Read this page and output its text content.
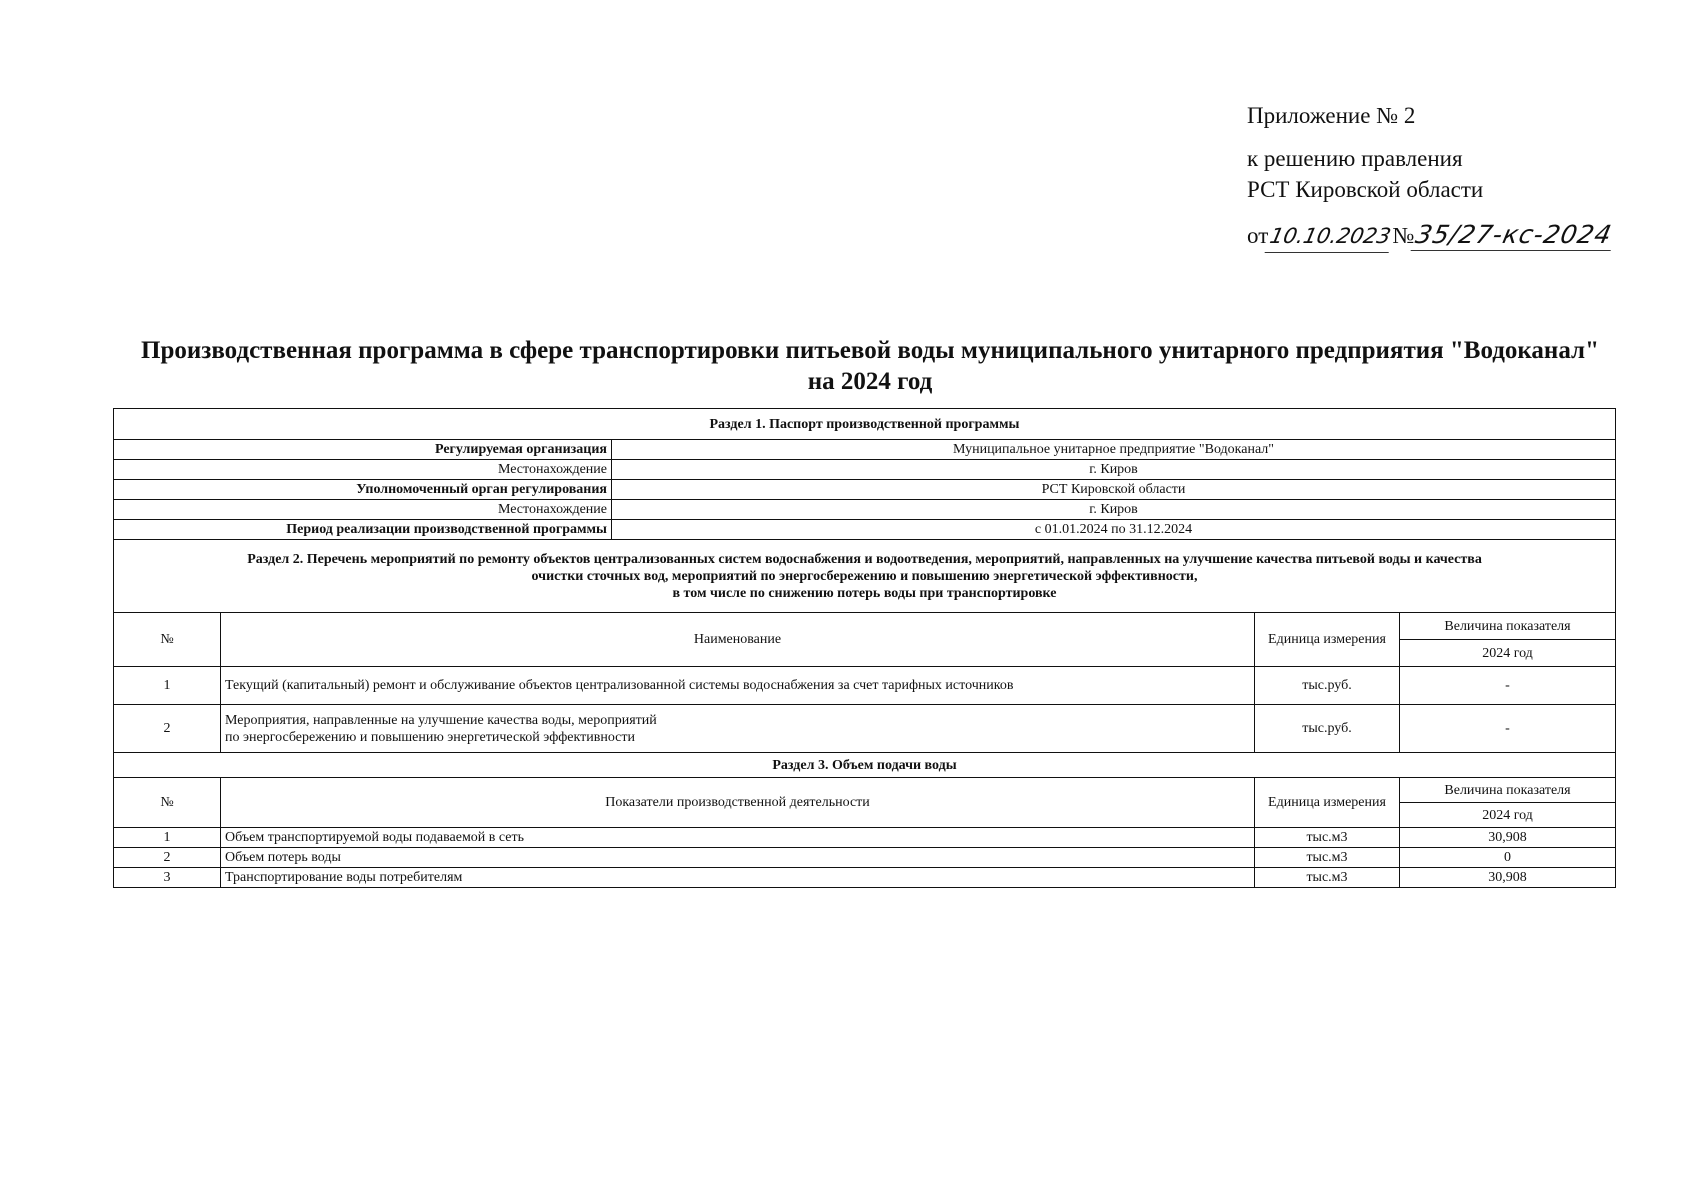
Приложение № 2
к решению правления
РСТ Кировской области
от 10.10.2023 № 35/27-кс-2024
Производственная программа в сфере транспортировки питьевой воды муниципального унитарного предприятия "Водоканал"
на 2024 год
Раздел 1. Паспорт производственной программы				
Регулируемая организация		Муниципальное унитарное предприятие "Водоканал"		
Местонахождение		г. Киров		
Уполномоченный орган регулирования		РСТ Кировской области		
Местонахождение		г. Киров		
Период реализации производственной программы		с 01.01.2024 по 31.12.2024		

Раздел 2. Перечень мероприятий по ремонту объектов централизованных систем водоснабжения и водоотведения, мероприятий, направленных на улучшение качества питьевой воды и качества
очистки сточных вод, мероприятий по энергосбережению и повышению энергетической эффективности,
в том числе по снижению потерь воды при транспортировке				

№	Наименование		Единица измерения	Величина показателя
				2024 год
1	Текущий (капитальный) ремонт и обслуживание объектов централизованной системы водоснабжения за счет тарифных источников		тыс.руб.	-
2	Мероприятия, направленные на улучшение качества воды, мероприятий
по энергосбережению и повышению энергетической эффективности		тыс.руб.	-
Раздел 3. Объем подачи воды				
№	Показатели производственной деятельности		Единица измерения	Величина показателя
				2024 год
1	Объем транспортируемой воды подаваемой в сеть		тыс.м3	30,908
2	Объем потерь воды		тыс.м3	0
3	Транспортирование воды потребителям		тыс.м3	30,908
